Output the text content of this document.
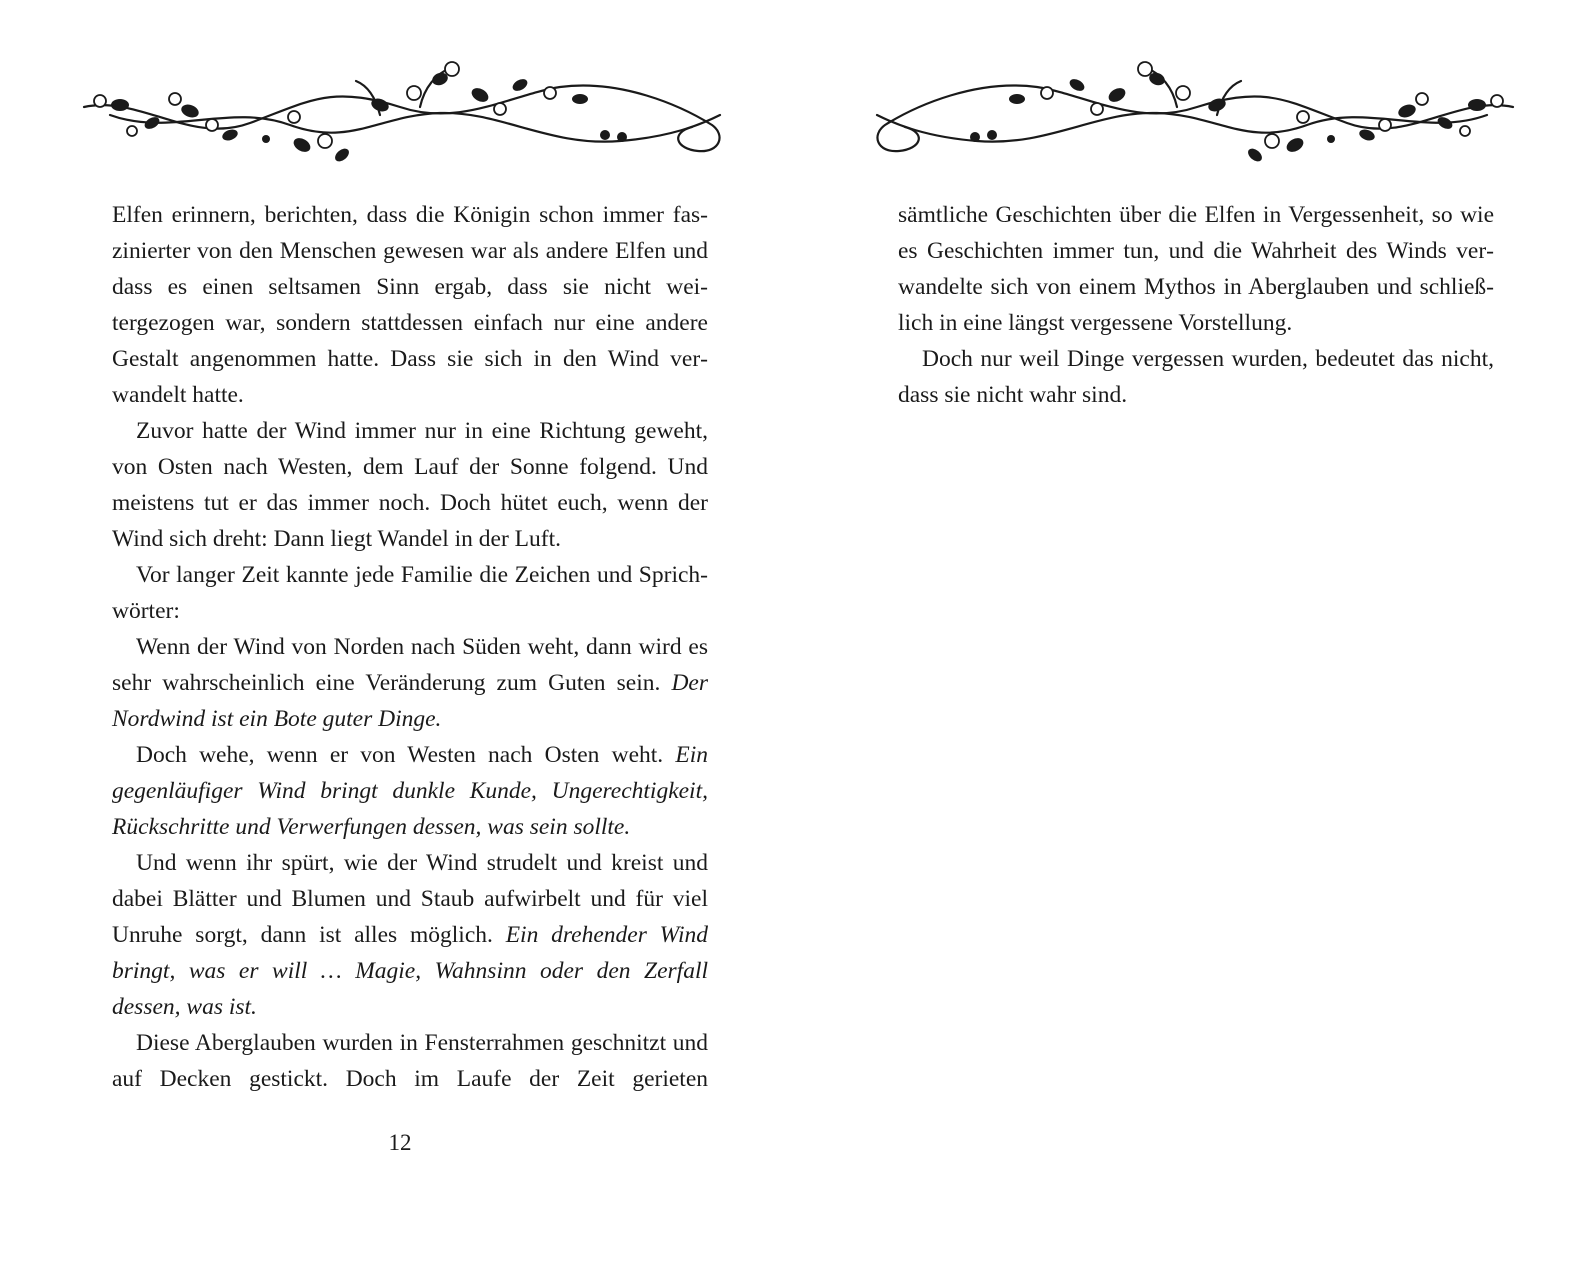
Elfen erinnern, berichten, dass die Königin schon immer faszinierter von den Menschen gewesen war als andere Elfen und dass es einen seltsamen Sinn ergab, dass sie nicht weitergezogen war, sondern stattdessen einfach nur eine andere Gestalt angenommen hatte. Dass sie sich in den Wind verwandelt hatte.

Zuvor hatte der Wind immer nur in eine Richtung geweht, von Osten nach Westen, dem Lauf der Sonne folgend. Und meistens tut er das immer noch. Doch hütet euch, wenn der Wind sich dreht: Dann liegt Wandel in der Luft.

Vor langer Zeit kannte jede Familie die Zeichen und Sprichwörter:

Wenn der Wind von Norden nach Süden weht, dann wird es sehr wahrscheinlich eine Veränderung zum Guten sein. Der Nordwind ist ein Bote guter Dinge.

Doch wehe, wenn er von Westen nach Osten weht. Ein gegenläufiger Wind bringt dunkle Kunde, Ungerechtigkeit, Rückschritte und Verwerfungen dessen, was sein sollte.

Und wenn ihr spürt, wie der Wind strudelt und kreist und dabei Blätter und Blumen und Staub aufwirbelt und für viel Unruhe sorgt, dann ist alles möglich. Ein drehender Wind bringt, was er will … Magie, Wahnsinn oder den Zerfall dessen, was ist.

Diese Aberglauben wurden in Fensterrahmen geschnitzt und auf Decken gestickt. Doch im Laufe der Zeit gerieten

12

sämtliche Geschichten über die Elfen in Vergessenheit, so wie es Geschichten immer tun, und die Wahrheit des Winds verwandelte sich von einem Mythos in Aberglauben und schließlich in eine längst vergessene Vorstellung.

Doch nur weil Dinge vergessen wurden, bedeutet das nicht, dass sie nicht wahr sind.
